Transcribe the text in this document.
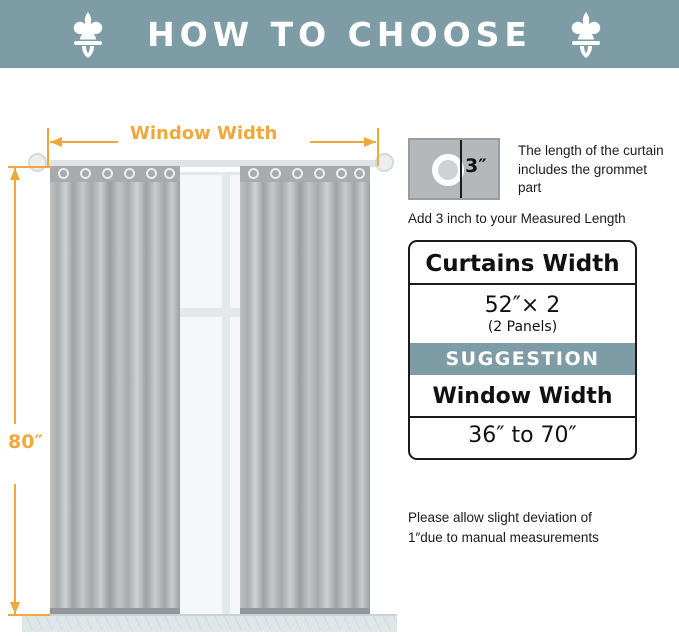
HOW TO CHOOSE
Window Width
80″
3″
The length of the curtain includes the grommet part
Add 3 inch to your Measured Length
Curtains Width
52″× 2
(2 Panels)
SUGGESTION
Window Width
36″ to 70″
Please allow slight deviation of
1″due to manual measurements
